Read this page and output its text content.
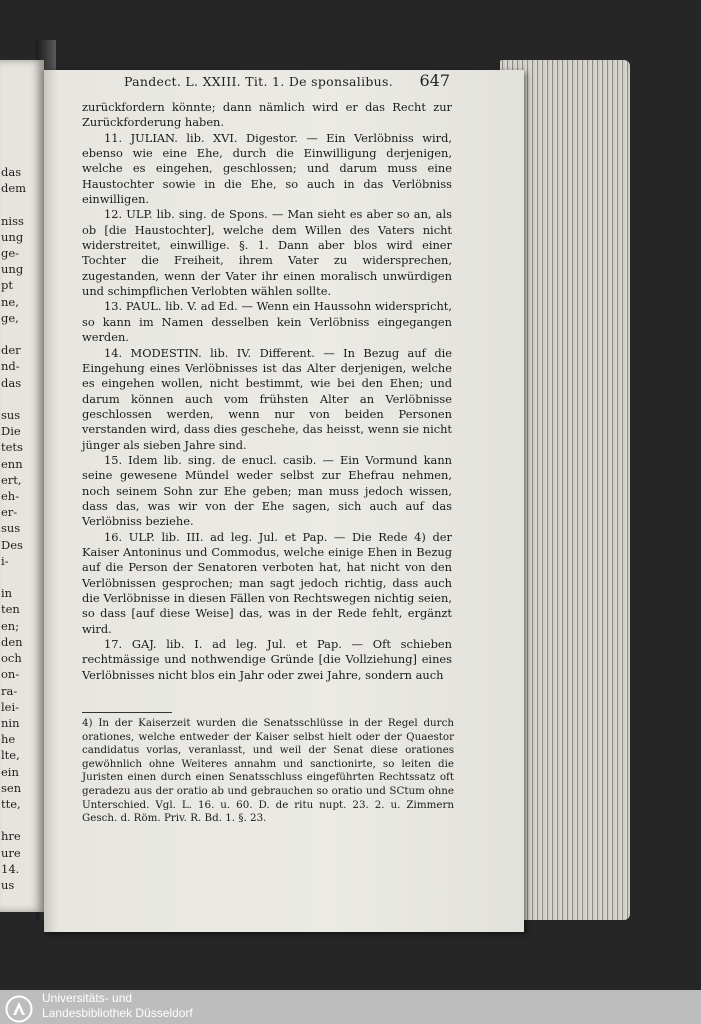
das
dem

niss
ung
ge-
ung
pt
ne,
ge,

der
nd-
das

sus
Die
tets
enn
ert,
eh-
er-
sus
Des
i-

in
ten
en;
den
och
on-
ra-
lei-
nin
he
lte,
ein
sen
tte,

hre
ure
14.
us
Pandect. L. XXIII. Tit. 1. De sponsalibus. 647

zurückfordern könnte; dann nämlich wird er das Recht zur Zurückforderung haben.

11. JULIAN. lib. XVI. Digestor. — Ein Verlöbniss wird, ebenso wie eine Ehe, durch die Einwilligung derjenigen, welche es eingehen, geschlossen; und darum muss eine Haustochter sowie in die Ehe, so auch in das Verlöbniss einwilligen.

12. ULP. lib. sing. de Spons. — Man sieht es aber so an, als ob [die Haustochter], welche dem Willen des Vaters nicht widerstreitet, einwillige. §. 1. Dann aber blos wird einer Tochter die Freiheit, ihrem Vater zu widersprechen, zugestanden, wenn der Vater ihr einen moralisch unwürdigen und schimpflichen Verlobten wählen sollte.

13. PAUL. lib. V. ad Ed. — Wenn ein Haussohn widerspricht, so kann im Namen desselben kein Verlöbniss eingegangen werden.

14. MODESTIN. lib. IV. Different. — In Bezug auf die Eingehung eines Verlöbnisses ist das Alter derjenigen, welche es eingehen wollen, nicht bestimmt, wie bei den Ehen; und darum können auch vom frühsten Alter an Verlöbnisse geschlossen werden, wenn nur von beiden Personen verstanden wird, dass dies geschehe, das heisst, wenn sie nicht jünger als sieben Jahre sind.

15. Idem lib. sing. de enucl. casib. — Ein Vormund kann seine gewesene Mündel weder selbst zur Ehefrau nehmen, noch seinem Sohn zur Ehe geben; man muss jedoch wissen, dass das, was wir von der Ehe sagen, sich auch auf das Verlöbniss beziehe.

16. ULP. lib. III. ad leg. Jul. et Pap. — Die Rede 4) der Kaiser Antoninus und Commodus, welche einige Ehen in Bezug auf die Person der Senatoren verboten hat, hat nicht von den Verlöbnissen gesprochen; man sagt jedoch richtig, dass auch die Verlöbnisse in diesen Fällen von Rechtswegen nichtig seien, so dass [auf diese Weise] das, was in der Rede fehlt, ergänzt wird.

17. GAJ. lib. I. ad leg. Jul. et Pap. — Oft schieben rechtmässige und nothwendige Gründe [die Vollziehung] eines Verlöbnisses nicht blos ein Jahr oder zwei Jahre, sondern auch

4) In der Kaiserzeit wurden die Senatsschlüsse in der Regel durch orationes, welche entweder der Kaiser selbst hielt oder der Quaestor candidatus vorlas, veranlasst, und weil der Senat diese orationes gewöhnlich ohne Weiteres annahm und sanctionirte, so leiten die Juristen einen durch einen Senatsschluss eingeführten Rechtssatz oft geradezu aus der oratio ab und gebrauchen so oratio und SCtum ohne Unterschied. Vgl. L. 16. u. 60. D. de ritu nupt. 23. 2. u. Zimmern Gesch. d. Röm. Priv. R. Bd. 1. §. 23.
Universitäts- und
Landesbibliothek Düsseldorf
